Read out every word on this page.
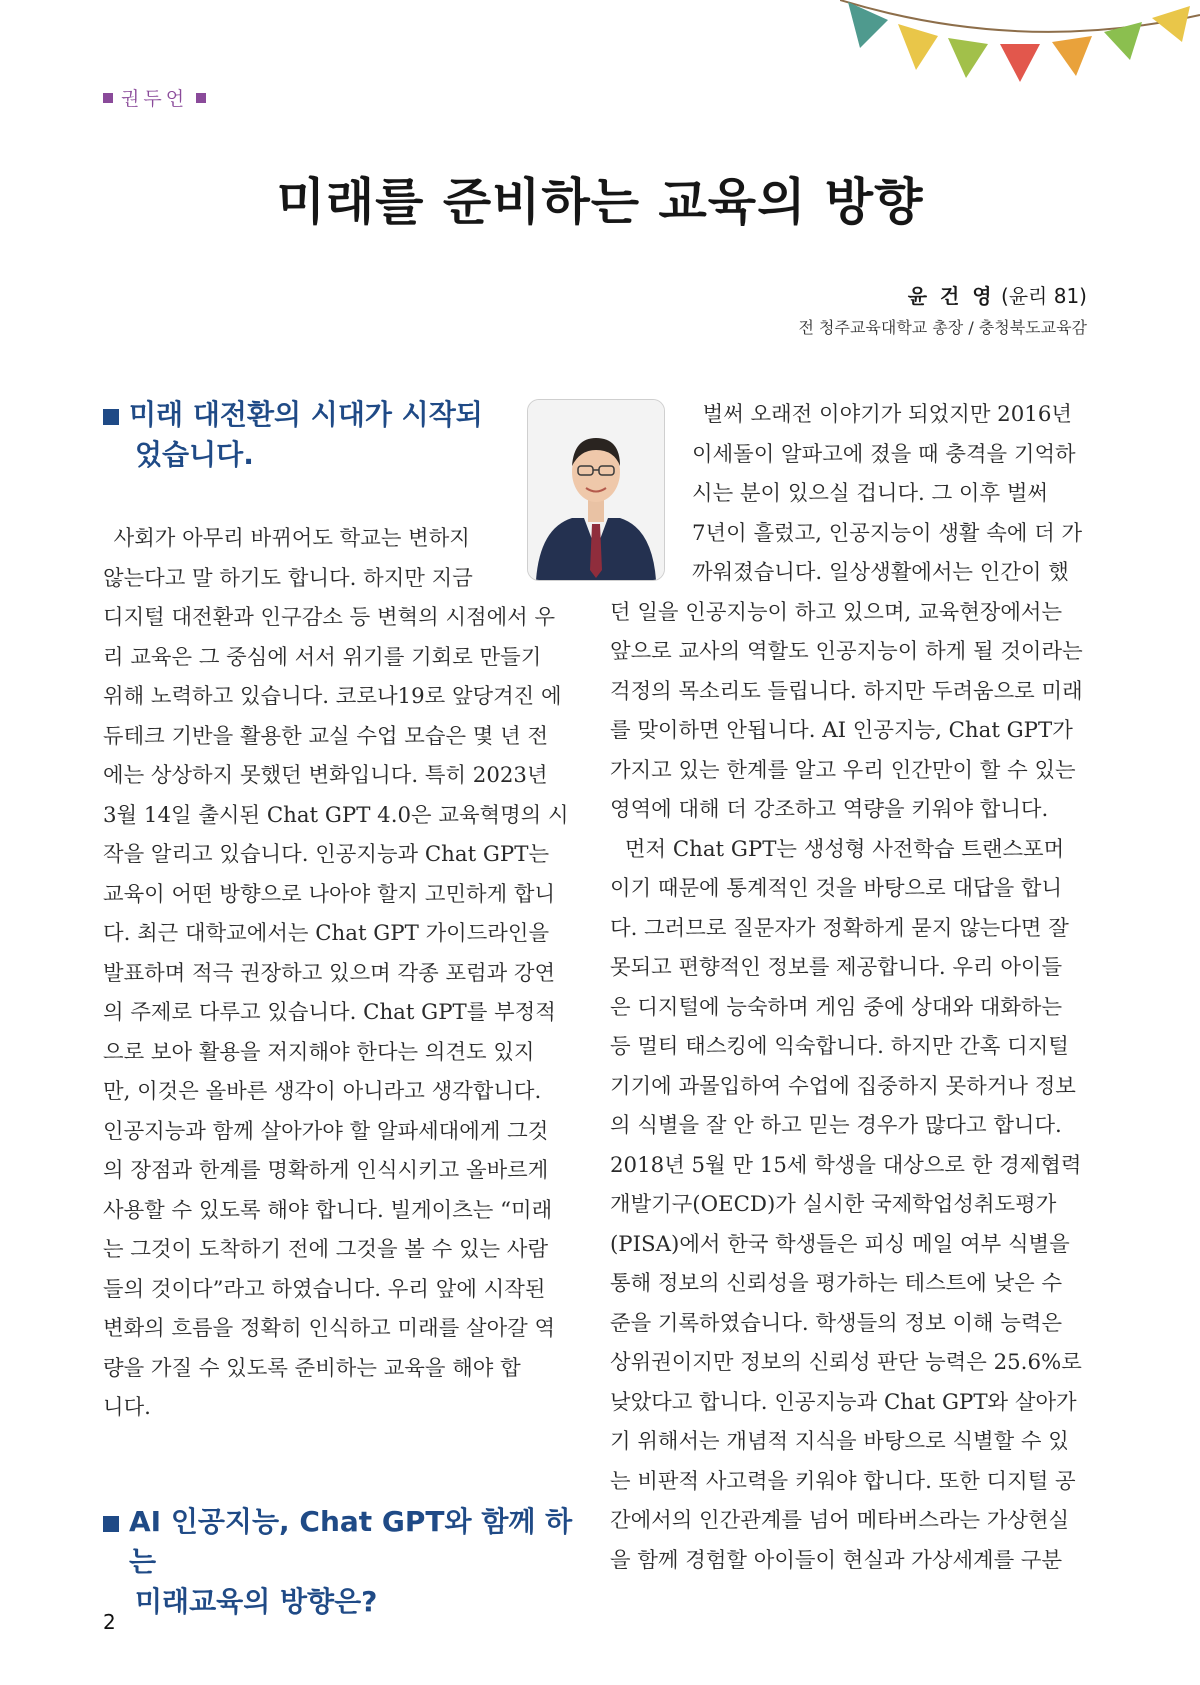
권두언
미래를 준비하는 교육의 방향
윤 건 영 (윤리 81)
전 청주교육대학교 총장 / 충청북도교육감
미래 대전환의 시대가 시작되
었습니다.
사회가 아무리 바뀌어도 학교는 변하지
않는다고 말 하기도 합니다. 하지만 지금
디지털 대전환과 인구감소 등 변혁의 시점에서 우
리 교육은 그 중심에 서서 위기를 기회로 만들기
위해 노력하고 있습니다. 코로나19로 앞당겨진 에
듀테크 기반을 활용한 교실 수업 모습은 몇 년 전
에는 상상하지 못했던 변화입니다. 특히 2023년
3월 14일 출시된 Chat GPT 4.0은 교육혁명의 시
작을 알리고 있습니다. 인공지능과 Chat GPT는
교육이 어떤 방향으로 나아야 할지 고민하게 합니
다. 최근 대학교에서는 Chat GPT 가이드라인을
발표하며 적극 권장하고 있으며 각종 포럼과 강연
의 주제로 다루고 있습니다. Chat GPT를 부정적
으로 보아 활용을 저지해야 한다는 의견도 있지
만, 이것은 올바른 생각이 아니라고 생각합니다.
인공지능과 함께 살아가야 할 알파세대에게 그것
의 장점과 한계를 명확하게 인식시키고 올바르게
사용할 수 있도록 해야 합니다. 빌게이츠는 “미래
는 그것이 도착하기 전에 그것을 볼 수 있는 사람
들의 것이다”라고 하였습니다. 우리 앞에 시작된
변화의 흐름을 정확히 인식하고 미래를 살아갈 역
량을 가질 수 있도록 준비하는 교육을 해야 합
니다.
AI 인공지능, Chat GPT와 함께 하는
미래교육의 방향은?
벌써 오래전 이야기가 되었지만 2016년
이세돌이 알파고에 졌을 때 충격을 기억하
시는 분이 있으실 겁니다. 그 이후 벌써
7년이 흘렀고, 인공지능이 생활 속에 더 가
까워졌습니다. 일상생활에서는 인간이 했
던 일을 인공지능이 하고 있으며, 교육현장에서는
앞으로 교사의 역할도 인공지능이 하게 될 것이라는
걱정의 목소리도 들립니다. 하지만 두려움으로 미래
를 맞이하면 안됩니다. AI 인공지능, Chat GPT가
가지고 있는 한계를 알고 우리 인간만이 할 수 있는
영역에 대해 더 강조하고 역량을 키워야 합니다.
먼저 Chat GPT는 생성형 사전학습 트랜스포머
이기 때문에 통계적인 것을 바탕으로 대답을 합니
다. 그러므로 질문자가 정확하게 묻지 않는다면 잘
못되고 편향적인 정보를 제공합니다. 우리 아이들
은 디지털에 능숙하며 게임 중에 상대와 대화하는
등 멀티 태스킹에 익숙합니다. 하지만 간혹 디지털
기기에 과몰입하여 수업에 집중하지 못하거나 정보
의 식별을 잘 안 하고 믿는 경우가 많다고 합니다.
2018년 5월 만 15세 학생을 대상으로 한 경제협력
개발기구(OECD)가 실시한 국제학업성취도평가
(PISA)에서 한국 학생들은 피싱 메일 여부 식별을
통해 정보의 신뢰성을 평가하는 테스트에 낮은 수
준을 기록하였습니다. 학생들의 정보 이해 능력은
상위권이지만 정보의 신뢰성 판단 능력은 25.6%로
낮았다고 합니다. 인공지능과 Chat GPT와 살아가
기 위해서는 개념적 지식을 바탕으로 식별할 수 있
는 비판적 사고력을 키워야 합니다. 또한 디지털 공
간에서의 인간관계를 넘어 메타버스라는 가상현실
을 함께 경험할 아이들이 현실과 가상세계를 구분
2
